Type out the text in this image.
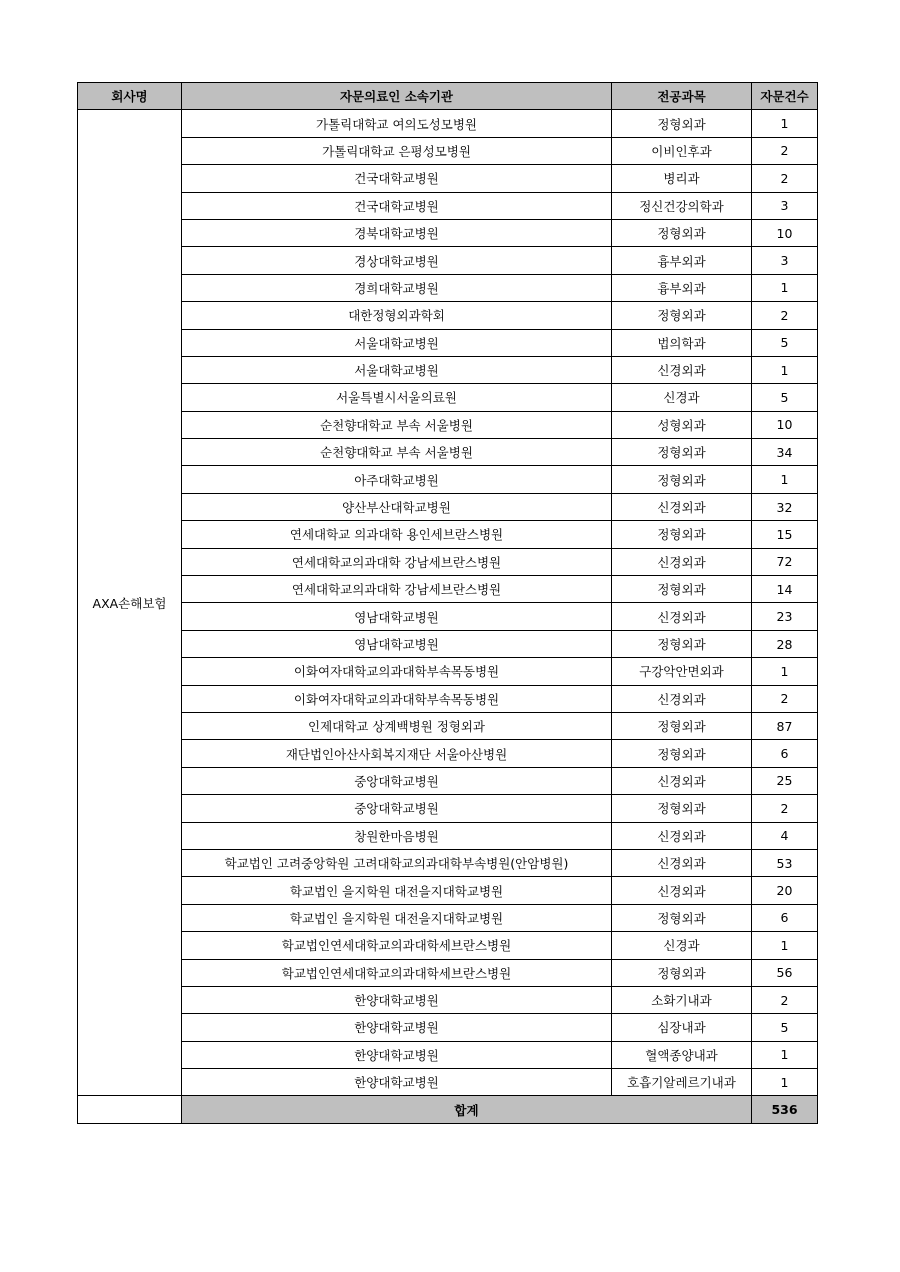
회사명	자문의료인 소속기관	전공과목	자문건수
AXA손해보험	가톨릭대학교 여의도성모병원	정형외과	1
	가톨릭대학교 은평성모병원	이비인후과	2
	건국대학교병원	병리과	2
	건국대학교병원	정신건강의학과	3
	경북대학교병원	정형외과	10
	경상대학교병원	흉부외과	3
	경희대학교병원	흉부외과	1
	대한정형외과학회	정형외과	2
	서울대학교병원	법의학과	5
	서울대학교병원	신경외과	1
	서울특별시서울의료원	신경과	5
	순천향대학교 부속 서울병원	성형외과	10
	순천향대학교 부속 서울병원	정형외과	34
	아주대학교병원	정형외과	1
	양산부산대학교병원	신경외과	32
	연세대학교 의과대학 용인세브란스병원	정형외과	15
	연세대학교의과대학 강남세브란스병원	신경외과	72
	연세대학교의과대학 강남세브란스병원	정형외과	14
	영남대학교병원	신경외과	23
	영남대학교병원	정형외과	28
	이화여자대학교의과대학부속목동병원	구강악안면외과	1
	이화여자대학교의과대학부속목동병원	신경외과	2
	인제대학교 상계백병원 정형외과	정형외과	87
	재단법인아산사회복지재단 서울아산병원	정형외과	6
	중앙대학교병원	신경외과	25
	중앙대학교병원	정형외과	2
	창원한마음병원	신경외과	4
	학교법인 고려중앙학원 고려대학교의과대학부속병원(안암병원)	신경외과	53
	학교법인 을지학원 대전을지대학교병원	신경외과	20
	학교법인 을지학원 대전을지대학교병원	정형외과	6
	학교법인연세대학교의과대학세브란스병원	신경과	1
	학교법인연세대학교의과대학세브란스병원	정형외과	56
	한양대학교병원	소화기내과	2
	한양대학교병원	심장내과	5
	한양대학교병원	혈액종양내과	1
	한양대학교병원	호흡기알레르기내과	1
	합계		536
